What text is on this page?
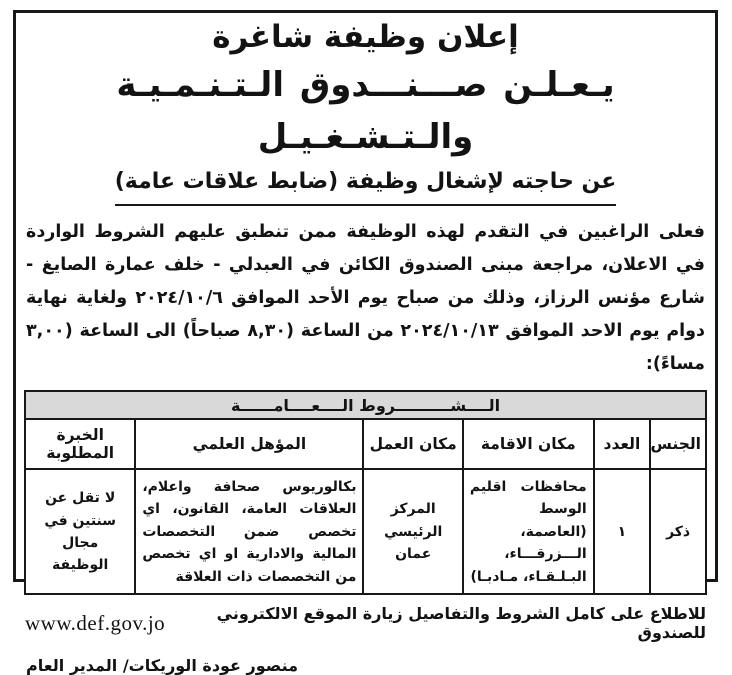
إعلان وظيفة شاغرة
يـعـلـن صـــنـــدوق الـتـنـمـيـة والـتـشـغـيـل
عن حاجته لإشغال وظيفة (ضابط علاقات عامة)

فعلى الراغبين في التقدم لهذه الوظيفة ممن تنطبق عليهم الشروط الواردة في الاعلان، مراجعة مبنى الصندوق الكائن في العبدلي - خلف عمارة الصايغ - شارع مؤنس الرزاز، وذلك من صباح يوم الأحد الموافق ٢٠٢٤/١٠/٦ ولغاية نهاية دوام يوم الاحد الموافق ٢٠٢٤/١٠/١٣ من الساعة (٨,٣٠ صباحاً) الى الساعة (٣,٠٠ مساءً):

الــــشــــــــــروط الــــعــــامــــــة					
الجنس	العدد	مكان الاقامة	مكان العمل	المؤهل العلمي	الخبرة المطلوبة
ذكر	١	محافظات اقليم الوسط (العاصمة، الـــزرقـــاء، البـلـقـاء، مـادبـا)	المركز الرئيسي عمان	بكالوريوس صحافة واعلام، العلاقات العامة، القانون، اي تخصص ضمن التخصصات المالية والادارية او اي تخصص من التخصصات ذات العلاقة	لا تقل عن سنتين في مجال الوظيفة
للاطلاع على كامل الشروط والتفاصيل زيارة الموقع الالكتروني للصندوق
www.def.gov.jo
منصور عودة الوريكات/ المدير العام
